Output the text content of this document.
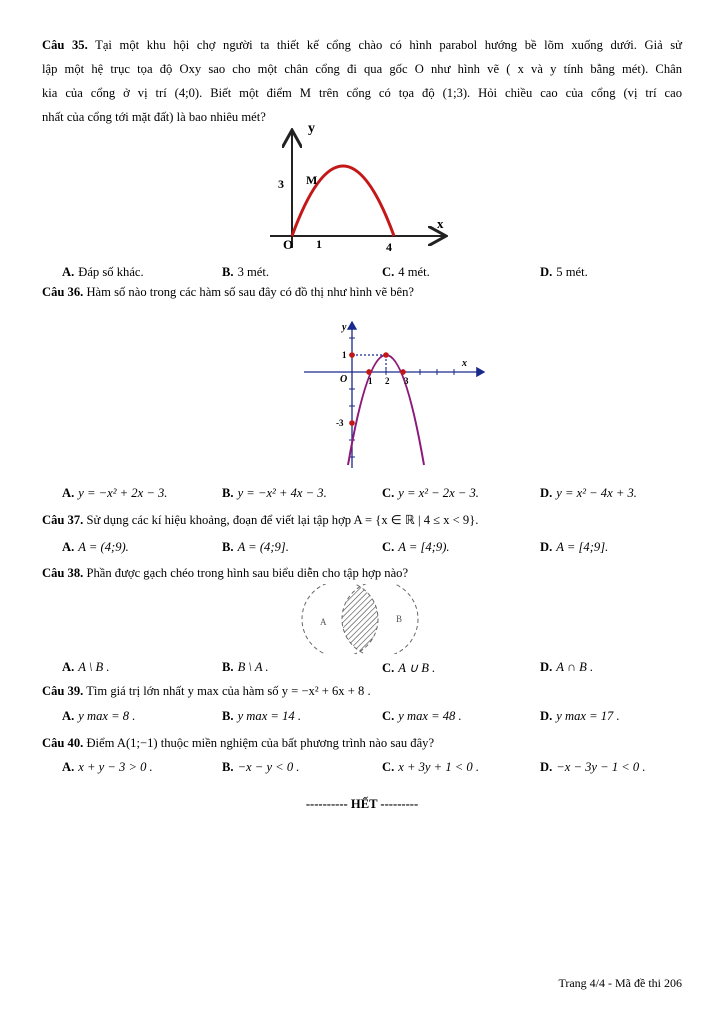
Câu 35. Tại một khu hội chợ người ta thiết kế cổng chào có hình parabol hướng bề lõm xuống dưới. Giả sử
lập một hệ trục tọa độ Oxy sao cho một chân cổng đi qua gốc O như hình vẽ ( x và y tính bằng mét). Chân
kia của cổng ở vị trí (4;0). Biết một điểm M trên cổng có tọa độ (1;3). Hỏi chiều cao của cổng (vị trí cao
nhất của cổng tới mặt đất) là bao nhiêu mét?
y
x
3 M
O 1	4
A. Đáp số khác.	B. 3 mét.	C. 4 mét.	D. 5 mét.
Câu 36. Hàm số nào trong các hàm số sau đây có đồ thị như hình vẽ bên?
y
x
O 1 2 3
1
-3
A. y = −x² + 2x − 3.	B. y = −x² + 4x − 3.	C. y = x² − 2x − 3.	D. y = x² − 4x + 3.
Câu 37. Sử dụng các kí hiệu khoảng, đoạn để viết lại tập hợp A = {x ∈ ℝ | 4 ≤ x < 9}.
A. A = (4;9).	B. A = (4;9].	C. A = [4;9).	D. A = [4;9].
Câu 38. Phần được gạch chéo trong hình sau biểu diễn cho tập hợp nào?
A	B
A. A \ B .	B. B \ A .	C. A ∪ B .	D. A ∩ B .
Câu 39. Tìm giá trị lớn nhất y max của hàm số y = −x² + 6x + 8 .
A. y max = 8 .	B. y max = 14 .	C. y max = 48 .	D. y max = 17 .
Câu 40. Điểm A(1;−1) thuộc miền nghiệm của bất phương trình nào sau đây?
A. x + y − 3 > 0 .	B. −x − y < 0 .	C. x + 3y + 1 < 0 .	D. −x − 3y − 1 < 0 .
---------- HẾT ---------
Trang 4/4 - Mã đề thi 206
